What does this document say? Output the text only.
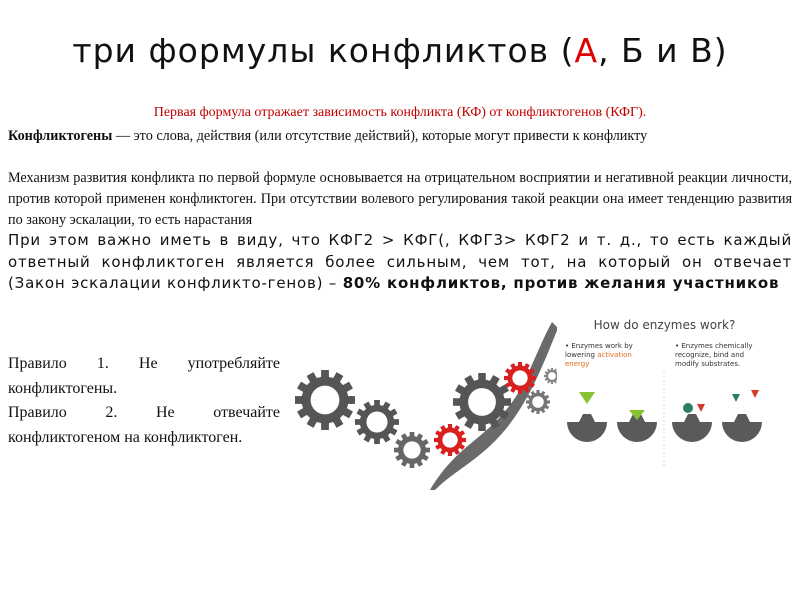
три формулы конфликтов (А, Б и В)
Первая формула отражает зависимость конфликта (КФ) от конфликтогенов (КФГ).
Конфликтогены — это слова, действия (или отсутствие действий), которые могут привести к конфликту
Механизм развития конфликта по первой формуле основывается на отрицательном восприятии и негативной реакции личности, против которой применен конфликтоген. При отсутствии волевого регулирования такой реакции она имеет тенденцию развития по закону эскалации, то есть нарастания
При этом важно иметь в виду, что КФГ2 > КФГ(, КФГ3> КФГ2 и т. д., то есть каждый ответный конфликтоген является более сильным, чем тот, на который он отвечает (Закон эскалации конфликто-генов) – 80% конфликтов, против желания участников

Правило 1. Не употребляйте конфликтогены.

Правило 2. Не отвечайте конфликтогеном на конфликтоген.

How do enzymes work?
• Enzymes work by lowering activation energy
• Enzymes chemically recognize, bind and modify substrates.
